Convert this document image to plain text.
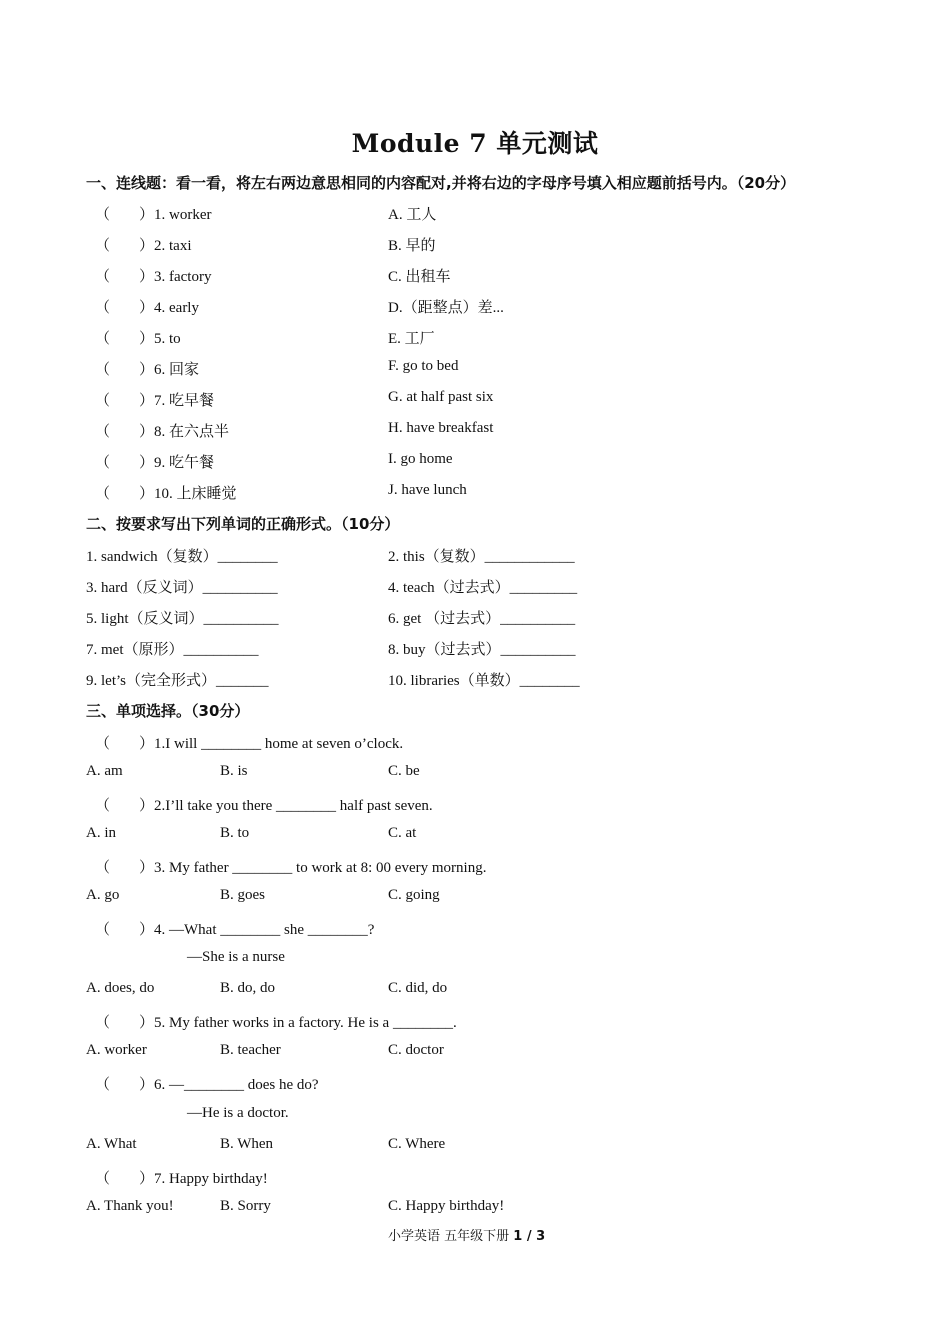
Module 7 单元测试
一、连线题：看一看，将左右两边意思相同的内容配对,并将右边的字母序号填入相应题前括号内。（20分）
（ ）1. worker	A. 工人
（ ）2. taxi	B. 早的
（ ）3. factory	C. 出租车
（ ）4. early	D.（距整点）差...
（ ）5. to	E. 工厂
（ ）6. 回家	F. go to bed
（ ）7. 吃早餐	G. at half past six
（ ）8. 在六点半	H. have breakfast
（ ）9. 吃午餐	I. go home
（ ）10. 上床睡觉	J. have lunch
二、按要求写出下列单词的正确形式。（10分）
1. sandwich（复数）________	2. this（复数）____________
3. hard（反义词）__________	4. teach（过去式）_________
5. light（反义词）__________	6. get （过去式）__________
7. met（原形）__________	8. buy（过去式）__________
9. let’s（完全形式）_______	10. libraries（单数）________
三、单项选择。（30分）
（ ）1.I will ________ home at seven o’clock.
A. am	B. is	C. be
（ ）2.I’ll take you there ________ half past seven.
A. in	B. to	C. at
（ ）3. My father ________ to work at 8: 00 every morning.
A. go	B. goes	C. going
（ ）4. —What ________ she ________?
—She is a nurse
A. does, do	B. do, do	C. did, do
（ ）5. My father works in a factory. He is a ________.
A. worker	B. teacher	C. doctor
（ ）6. —________ does he do?
—He is a doctor.
A. What	B. When	C. Where
（ ）7. Happy birthday!
A. Thank you!	B. Sorry	C. Happy birthday!
小学英语 五年级下册 1 / 3
